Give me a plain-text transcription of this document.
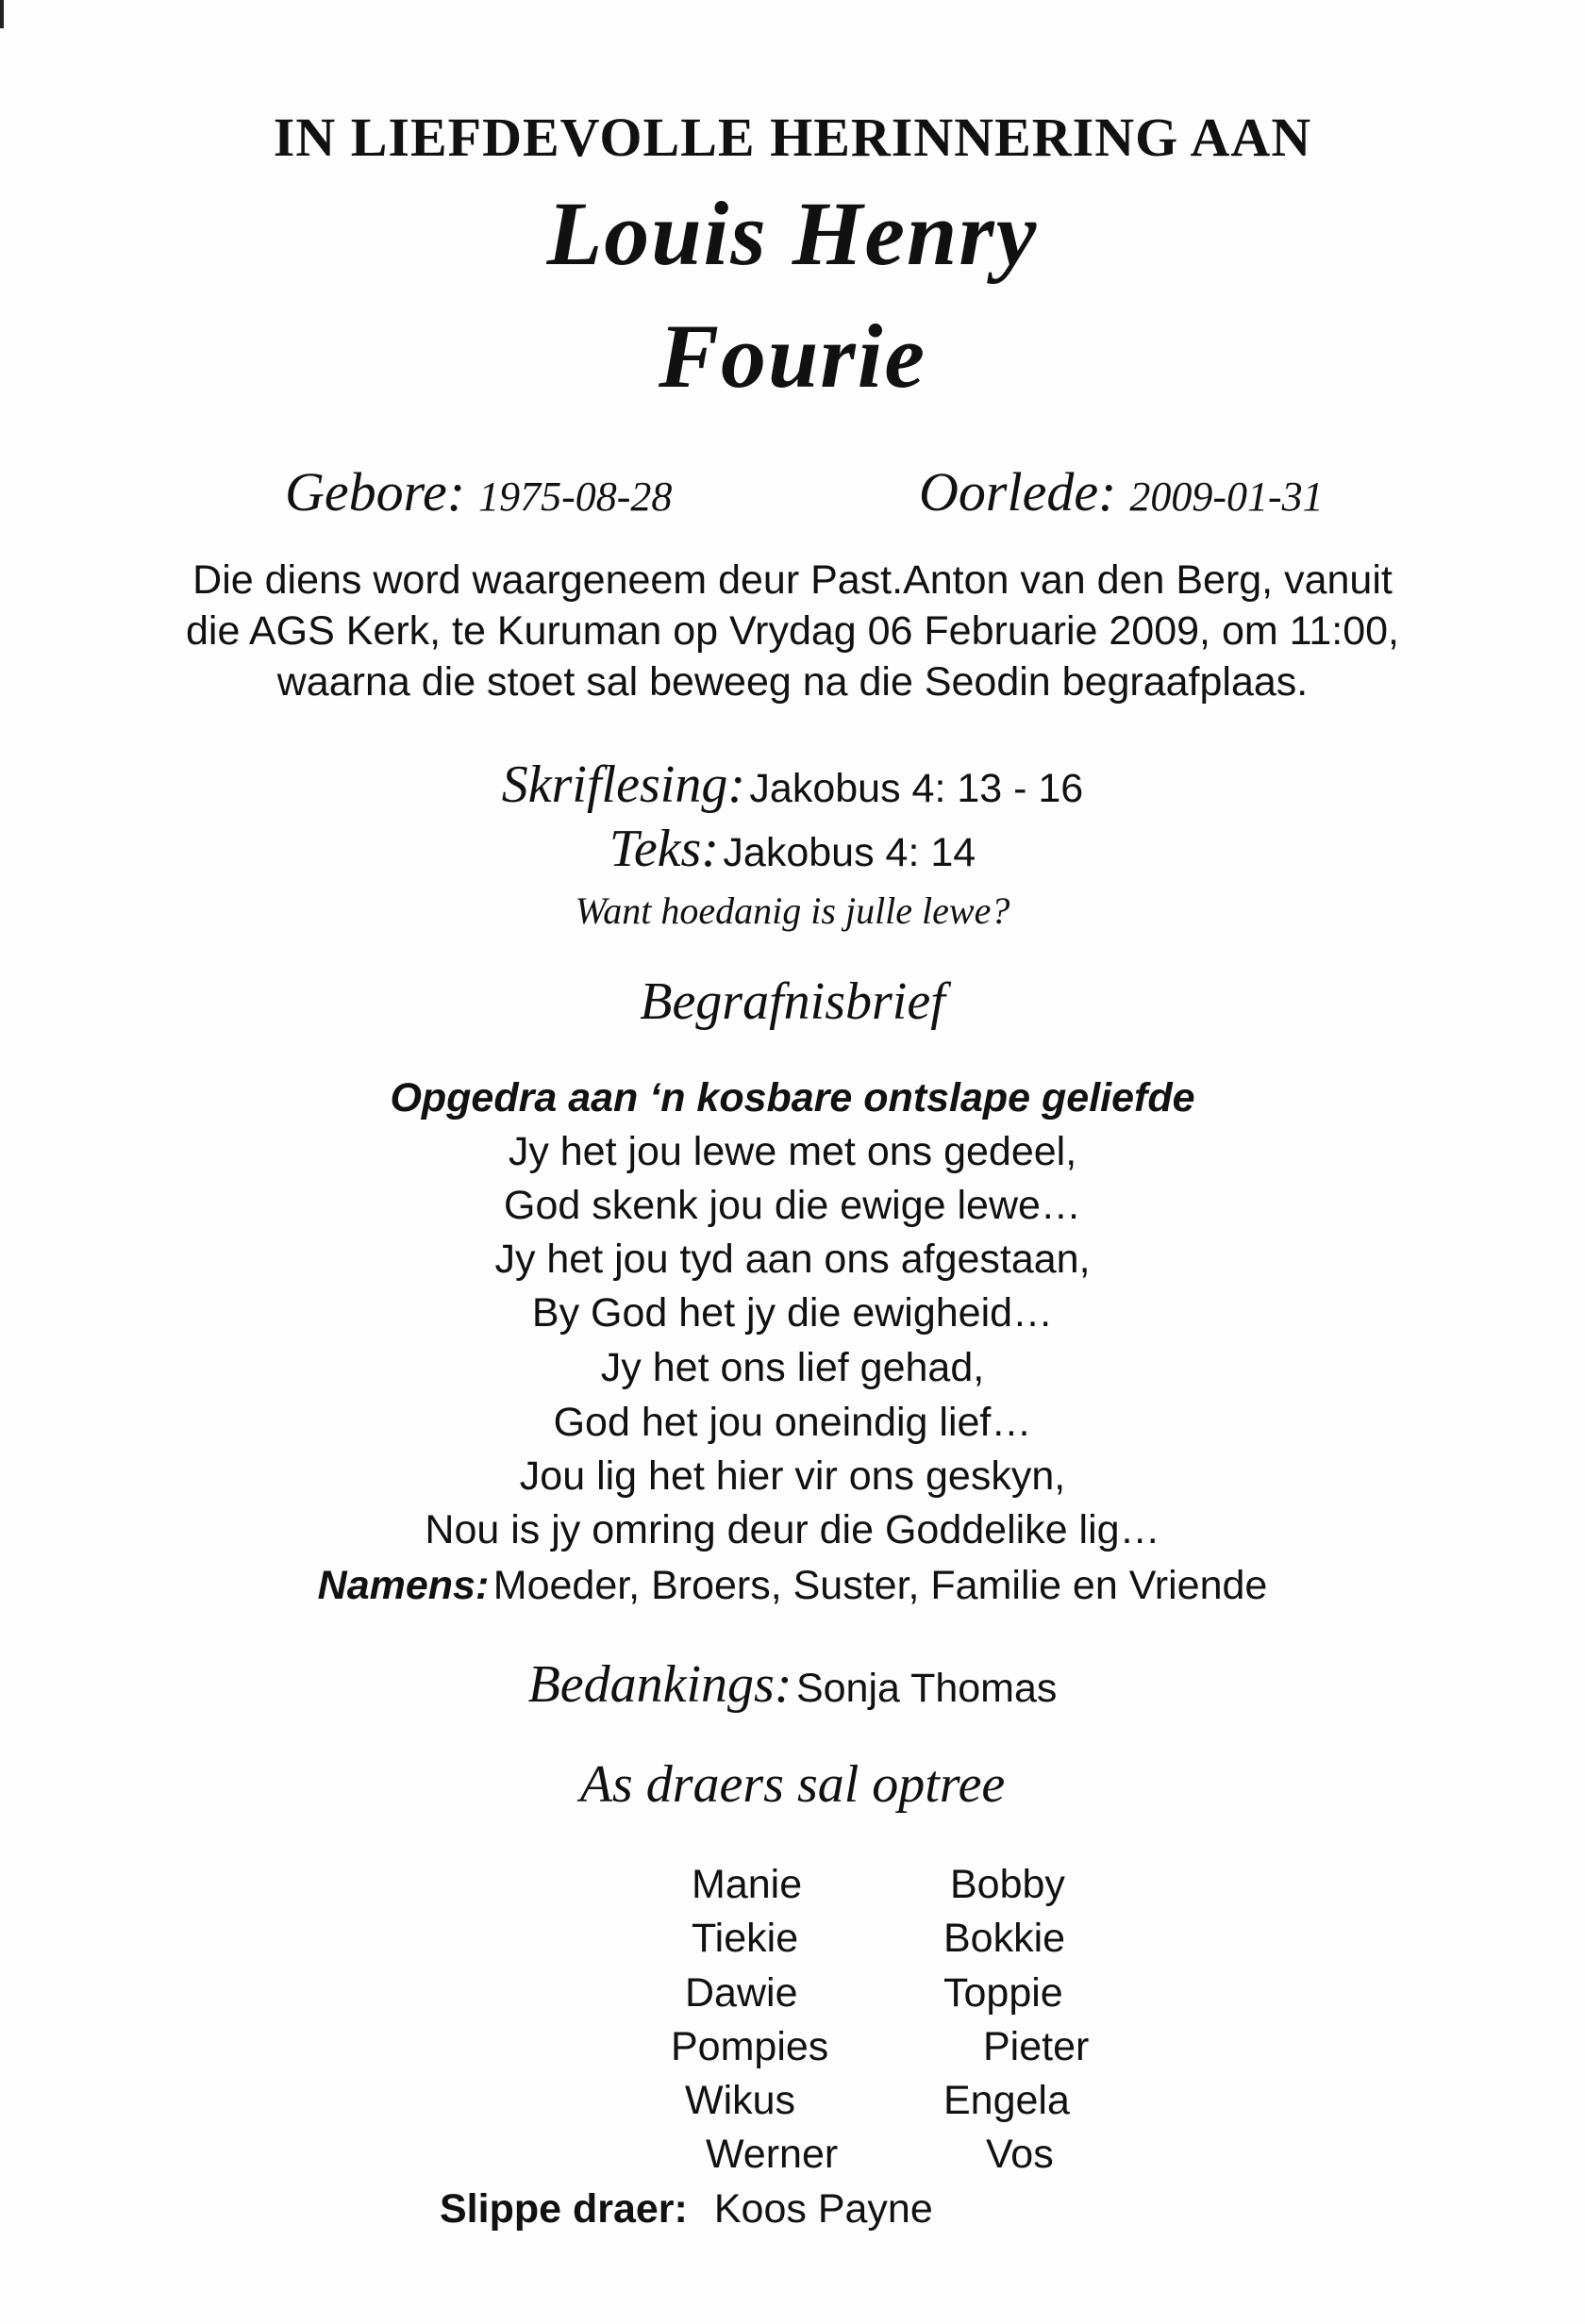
IN LIEFDEVOLLE HERINNERING AAN

Louis Henry

Fourie

Gebore: 1975-08-28	Oorlede: 2009-01-31

Die diens word waargeneem deur Past.Anton van den Berg, vanuit

die AGS Kerk, te Kuruman op Vrydag 06 Februarie 2009, om 11:00,

waarna die stoet sal beweeg na die Seodin begraafplaas.

Skriflesing: Jakobus 4: 13 - 16

Teks: Jakobus 4: 14

Want hoedanig is julle lewe?

Begrafnisbrief

Opgedra aan ‘n kosbare ontslape geliefde

Jy het jou lewe met ons gedeel,

God skenk jou die ewige lewe…

Jy het jou tyd aan ons afgestaan,

By God het jy die ewigheid…

Jy het ons lief gehad,

God het jou oneindig lief…

Jou lig het hier vir ons geskyn,

Nou is jy omring deur die Goddelike lig…

Namens: Moeder, Broers, Suster, Familie en Vriende

Bedankings: Sonja Thomas

As draers sal optree

Manie

Tiekie

Dawie

Pompies

Wikus

Werner

Bobby

Bokkie

Toppie

Pieter

Engela

Vos

Slippe draer: Koos Payne
